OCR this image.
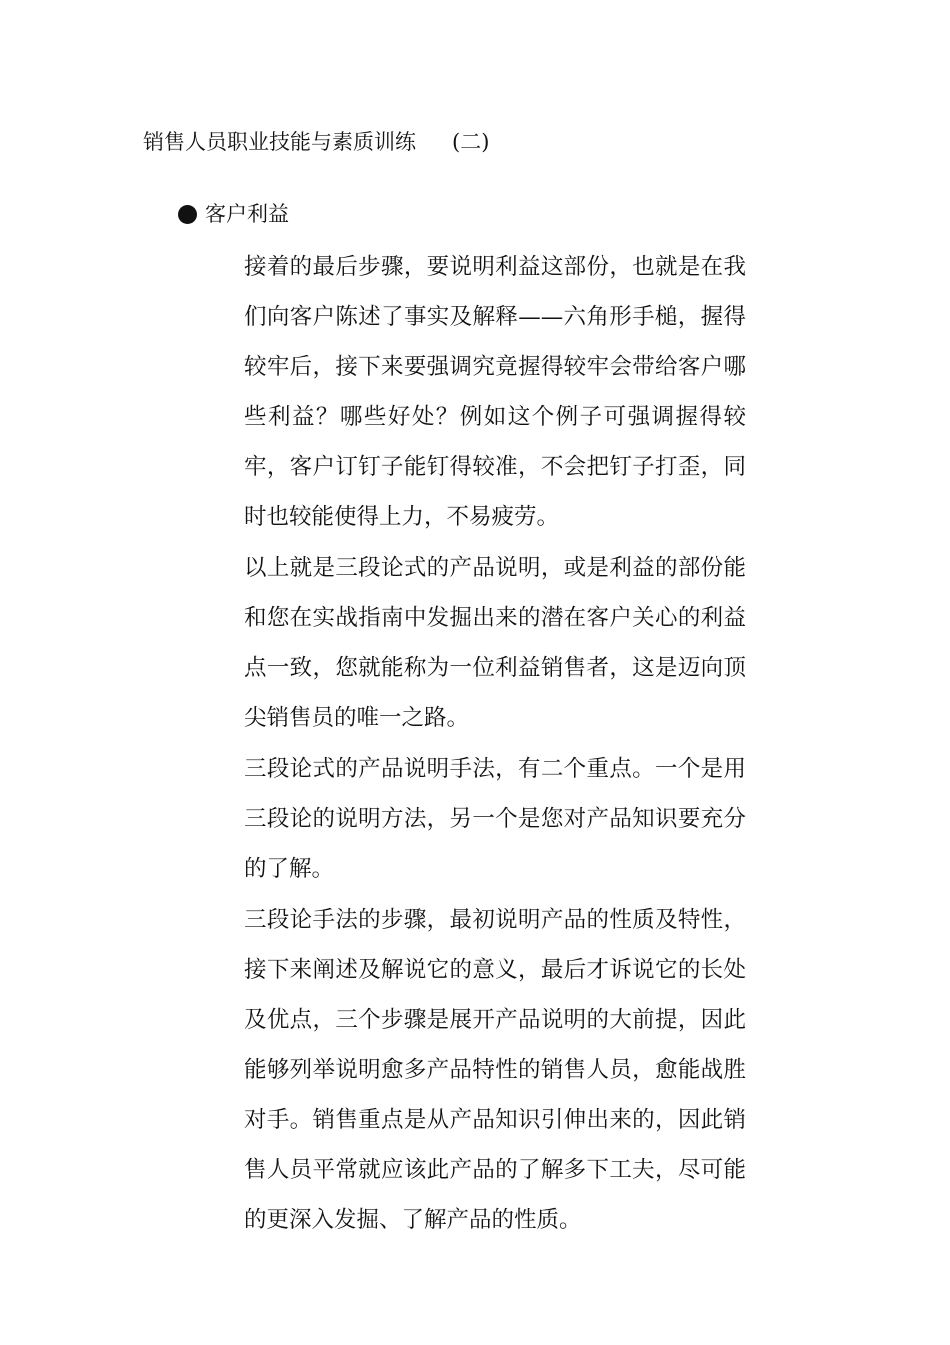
销售人员职业技能与素质训练 (二)
客户利益

接着的最后步骤，要说明利益这部份，也就是在我们向客户陈述了事实及解释——六角形手槌，握得较牢后，接下来要强调究竟握得较牢会带给客户哪些利益？哪些好处？例如这个例子可强调握得较牢，客户订钉子能钉得较准，不会把钉子打歪，同时也较能使得上力，不易疲劳。

以上就是三段论式的产品说明，或是利益的部份能和您在实战指南中发掘出来的潜在客户关心的利益点一致，您就能称为一位利益销售者，这是迈向顶尖销售员的唯一之路。

三段论式的产品说明手法，有二个重点。一个是用三段论的说明方法，另一个是您对产品知识要充分的了解。

三段论手法的步骤，最初说明产品的性质及特性，接下来阐述及解说它的意义，最后才诉说它的长处及优点，三个步骤是展开产品说明的大前提，因此能够列举说明愈多产品特性的销售人员，愈能战胜对手。销售重点是从产品知识引伸出来的，因此销售人员平常就应该此产品的了解多下工夫，尽可能的更深入发掘、了解产品的性质。
